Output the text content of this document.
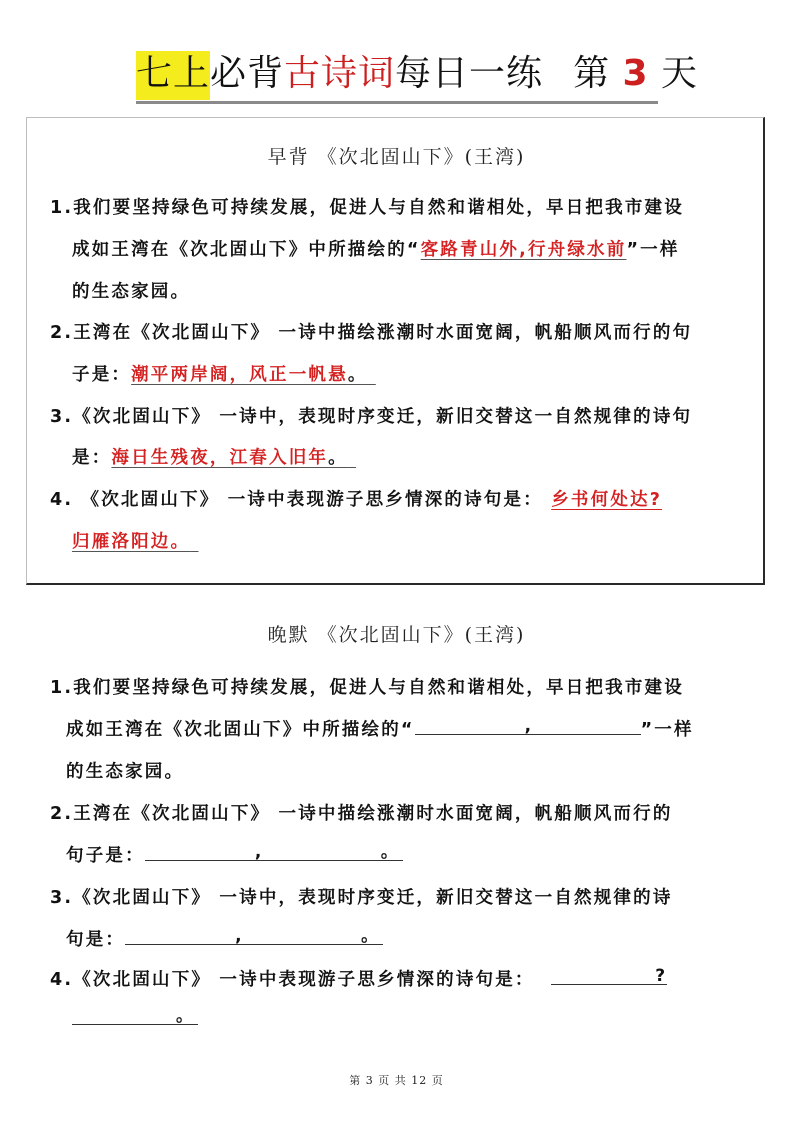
七上必背古诗词每日一练 第 3 天
早背 《次北固山下》(王湾)
1.我们要坚持绿色可持续发展，促进人与自然和谐相处，早日把我市建设
成如王湾在《次北固山下》中所描绘的“客路青山外,行舟绿水前”一样
的生态家园。
2.王湾在《次北固山下》 一诗中描绘涨潮时水面宽阔，帆船顺风而行的句
子是：潮平两岸阔，风正一帆悬。
3.《次北固山下》 一诗中，表现时序变迁，新旧交替这一自然规律的诗句
是：海日生残夜，江春入旧年。
4. 《次北固山下》 一诗中表现游子思乡情深的诗句是： 乡书何处达?
归雁洛阳边。
晚默 《次北固山下》(王湾)
1.我们要坚持绿色可持续发展，促进人与自然和谐相处，早日把我市建设
成如王湾在《次北固山下》中所描绘的“	,	”一样
的生态家园。
2.王湾在《次北固山下》 一诗中描绘涨潮时水面宽阔，帆船顺风而行的
句子是：	,	。
3.《次北固山下》 一诗中，表现时序变迁，新旧交替这一自然规律的诗
句是：	,	。
4.《次北固山下》 一诗中表现游子思乡情深的诗句是：	?
。
第 3 页 共 12 页
